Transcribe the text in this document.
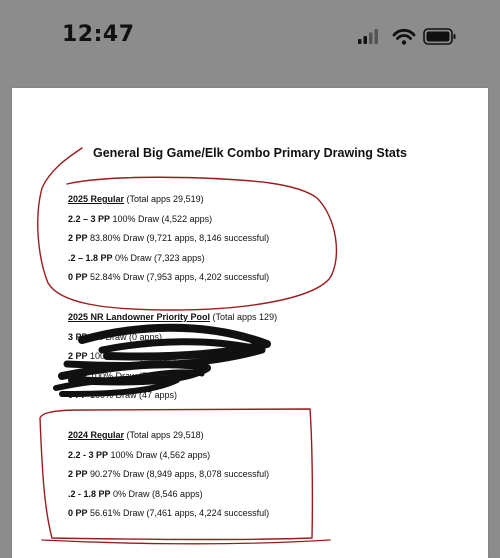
12:47
General Big Game/Elk Combo Primary Drawing Stats
2025 Regular (Total apps 29,519)
2.2 – 3 PP 100% Draw (4,522 apps)
2 PP 83.80% Draw (9,721 apps, 8,146 successful)
.2 – 1.8 PP 0% Draw (7,323 apps)
0 PP 52.84% Draw (7,953 apps, 4,202 successful)
2025 NR Landowner Priority Pool (Total apps 129)
3 PP 0% Draw (0 apps)
2 PP 100% Draw (25 apps)
1 PP 100% Draw (57 apps)
0 PP 100% Draw (47 apps)
2024 Regular (Total apps 29,518)
2.2 - 3 PP 100% Draw (4,562 apps)
2 PP 90.27% Draw (8,949 apps, 8,078 successful)
.2 - 1.8 PP 0% Draw (8,546 apps)
0 PP 56.61% Draw (7,461 apps, 4,224 successful)
